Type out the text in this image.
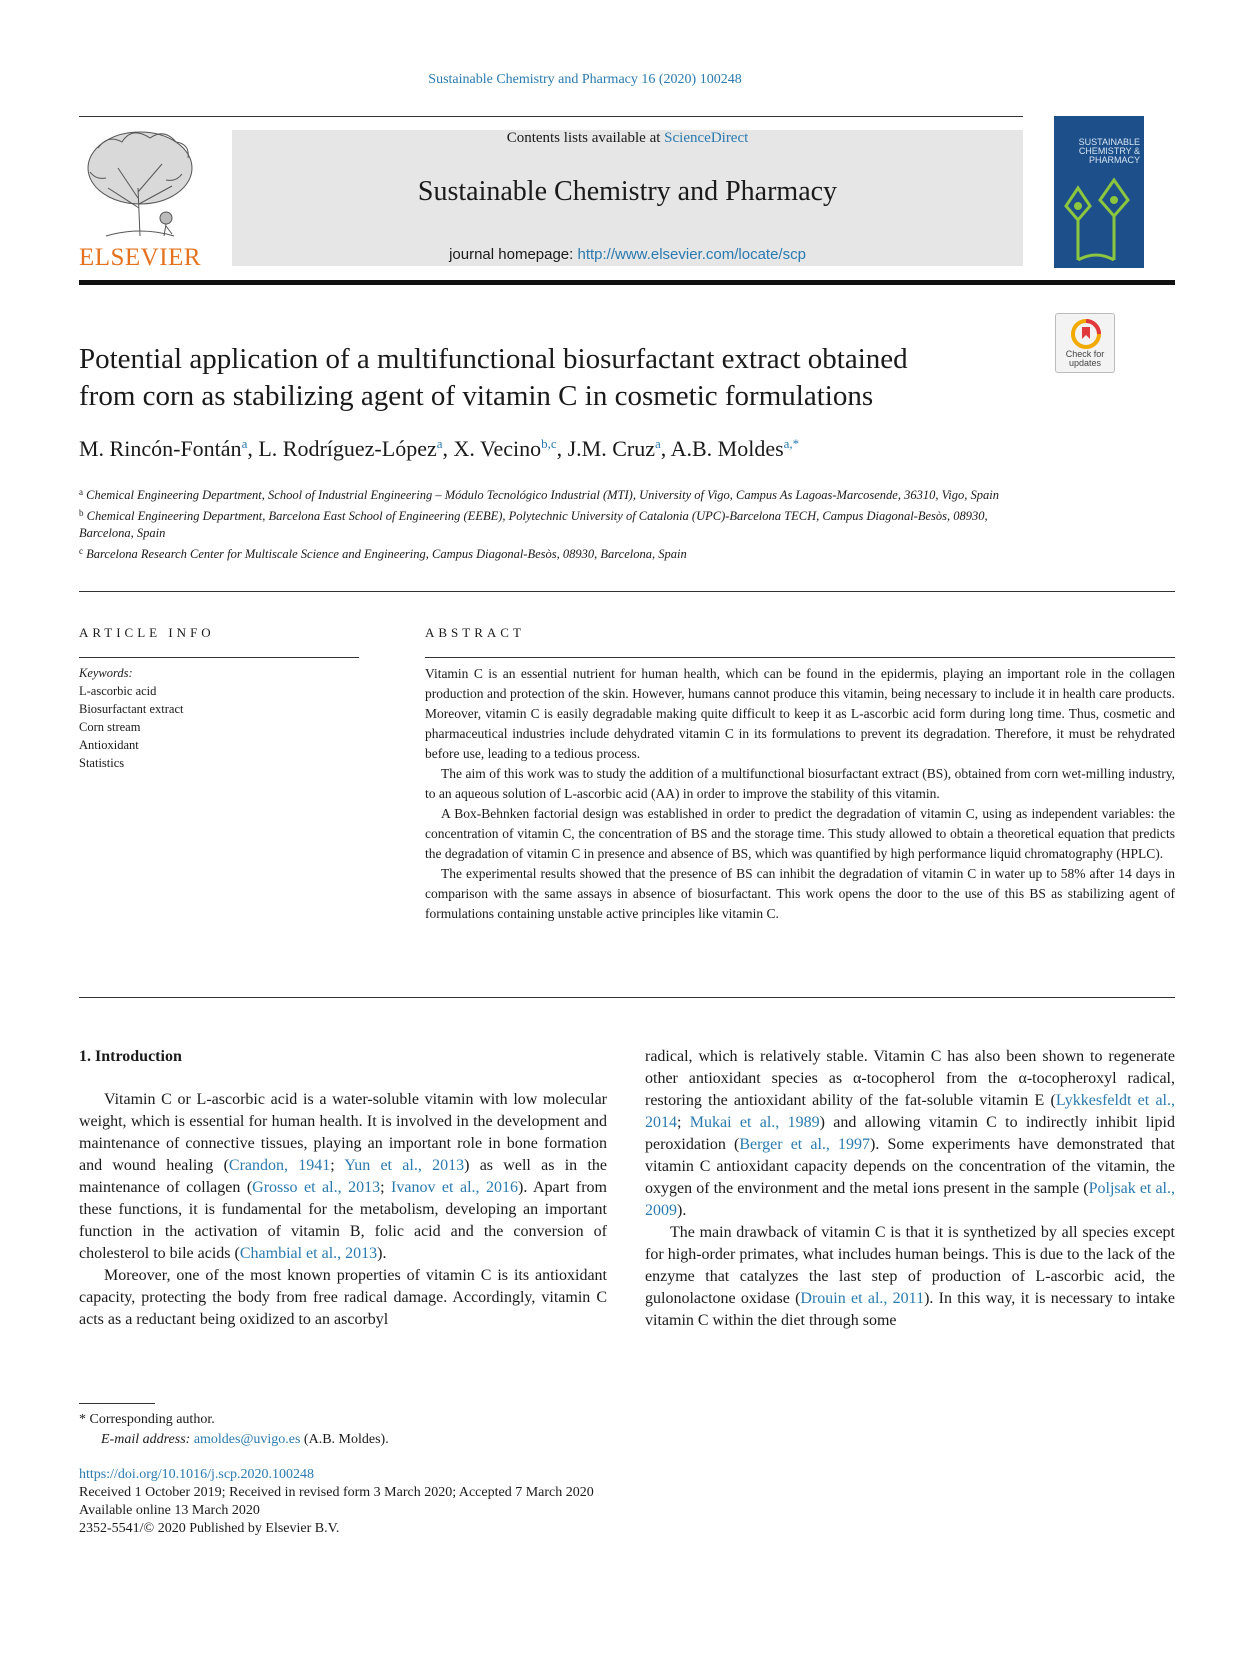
Sustainable Chemistry and Pharmacy 16 (2020) 100248
ELSEVIER
Contents lists available at ScienceDirect
Sustainable Chemistry and Pharmacy
journal homepage: http://www.elsevier.com/locate/scp
SUSTAINABLE
CHEMISTRY &
PHARMACY
Check for
updates
Potential application of a multifunctional biosurfactant extract obtained
from corn as stabilizing agent of vitamin C in cosmetic formulations
M. Rincón-Fontán$^a$, L. Rodríguez-López$^a$, X. Vecino$^{b,c}$, J.M. Cruz$^a$, A.B. Moldes$^{a,*}$
$^a$ Chemical Engineering Department, School of Industrial Engineering – Módulo Tecnológico Industrial (MTI), University of Vigo, Campus As Lagoas-Marcosende, 36310, Vigo, Spain
$^b$ Chemical Engineering Department, Barcelona East School of Engineering (EEBE), Polytechnic University of Catalonia (UPC)-Barcelona TECH, Campus Diagonal-Besòs, 08930, Barcelona, Spain
$^c$ Barcelona Research Center for Multiscale Science and Engineering, Campus Diagonal-Besòs, 08930, Barcelona, Spain
ARTICLE INFO	ABSTRACT
Keywords:
L-ascorbic acid
Biosurfactant extract
Corn stream
Antioxidant
Statistics

Vitamin C is an essential nutrient for human health, which can be found in the epidermis, playing an important role in the collagen production and protection of the skin. However, humans cannot produce this vitamin, being necessary to include it in health care products. Moreover, vitamin C is easily degradable making quite difficult to keep it as L-ascorbic acid form during long time. Thus, cosmetic and pharmaceutical industries include dehydrated vitamin C in its formulations to prevent its degradation. Therefore, it must be rehydrated before use, leading to a tedious process.

The aim of this work was to study the addition of a multifunctional biosurfactant extract (BS), obtained from corn wet-milling industry, to an aqueous solution of L-ascorbic acid (AA) in order to improve the stability of this vitamin.

A Box-Behnken factorial design was established in order to predict the degradation of vitamin C, using as independent variables: the concentration of vitamin C, the concentration of BS and the storage time. This study allowed to obtain a theoretical equation that predicts the degradation of vitamin C in presence and absence of BS, which was quantified by high performance liquid chromatography (HPLC).

The experimental results showed that the presence of BS can inhibit the degradation of vitamin C in water up to 58% after 14 days in comparison with the same assays in absence of biosurfactant. This work opens the door to the use of this BS as stabilizing agent of formulations containing unstable active principles like vitamin C.

1. Introduction

Vitamin C or L-ascorbic acid is a water-soluble vitamin with low molecular weight, which is essential for human health. It is involved in the development and maintenance of connective tissues, playing an important role in bone formation and wound healing (Crandon, 1941; Yun et al., 2013) as well as in the maintenance of collagen (Grosso et al., 2013; Ivanov et al., 2016). Apart from these functions, it is fundamental for the metabolism, developing an important function in the activation of vitamin B, folic acid and the conversion of cholesterol to bile acids (Chambial et al., 2013).

Moreover, one of the most known properties of vitamin C is its antioxidant capacity, protecting the body from free radical damage. Accordingly, vitamin C acts as a reductant being oxidized to an ascorbyl

radical, which is relatively stable. Vitamin C has also been shown to regenerate other antioxidant species as α-tocopherol from the α-tocopheroxyl radical, restoring the antioxidant ability of the fat-soluble vitamin E (Lykkesfeldt et al., 2014; Mukai et al., 1989) and allowing vitamin C to indirectly inhibit lipid peroxidation (Berger et al., 1997). Some experiments have demonstrated that vitamin C antioxidant capacity depends on the concentration of the vitamin, the oxygen of the environment and the metal ions present in the sample (Poljsak et al., 2009).

The main drawback of vitamin C is that it is synthetized by all species except for high-order primates, what includes human beings. This is due to the lack of the enzyme that catalyzes the last step of production of L-ascorbic acid, the gulonolactone oxidase (Drouin et al., 2011). In this way, it is necessary to intake vitamin C within the diet through some

* Corresponding author.
E-mail address: amoldes@uvigo.es (A.B. Moldes).
https://doi.org/10.1016/j.scp.2020.100248
Received 1 October 2019; Received in revised form 3 March 2020; Accepted 7 March 2020
Available online 13 March 2020
2352-5541/© 2020 Published by Elsevier B.V.
